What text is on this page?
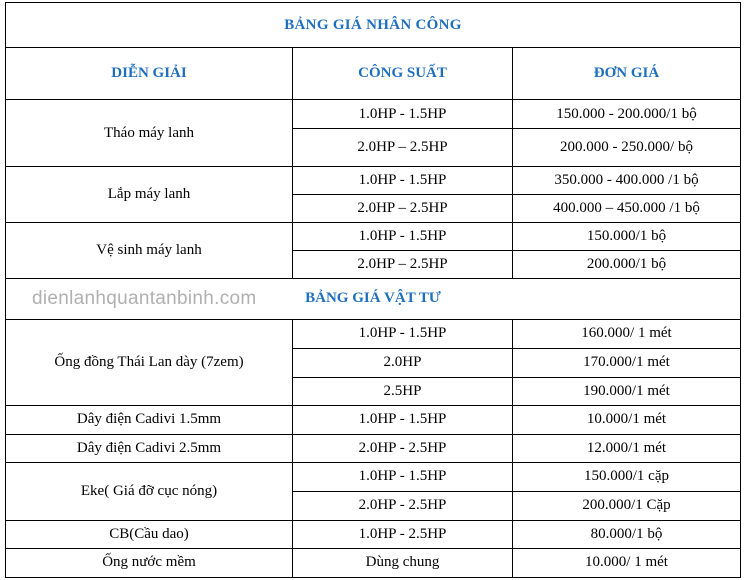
BẢNG GIÁ NHÂN CÔNG		
DIỄN GIẢI	CÔNG SUẤT	ĐƠN GIÁ
Tháo máy lanh	1.0HP - 1.5HP	150.000 - 200.000/1 bộ
	2.0HP – 2.5HP	200.000 - 250.000/ bộ
Lắp máy lanh	1.0HP - 1.5HP	350.000 - 400.000 /1 bộ
	2.0HP – 2.5HP	400.000 – 450.000 /1 bộ
Vệ sinh máy lanh	1.0HP - 1.5HP	150.000/1 bộ
	2.0HP – 2.5HP	200.000/1 bộ

dienlanhquantanbinh.com BẢNG GIÁ VẬT TƯ		
Ống đồng Thái Lan dày (7zem)	1.0HP - 1.5HP	160.000/ 1 mét
	2.0HP	170.000/1 mét
	2.5HP	190.000/1 mét
Dây điện Cadivi 1.5mm	1.0HP - 1.5HP	10.000/1 mét
Dây điện Cadivi 2.5mm	2.0HP - 2.5HP	12.000/1 mét
Eke( Giá đỡ cục nóng)	1.0HP - 1.5HP	150.000/1 cặp
	2.0HP - 2.5HP	200.000/1 Cặp
CB(Cầu dao)	1.0HP - 2.5HP	80.000/1 bộ
Ống nước mềm	Dùng chung	10.000/ 1 mét
